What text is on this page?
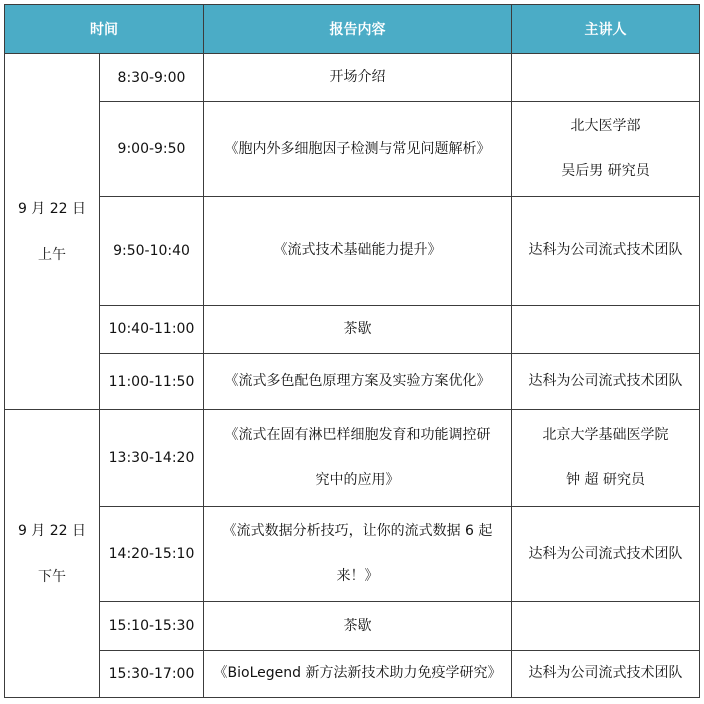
时间		报告内容	主讲人

9 月 22 日
上午	8:30-9:00	开场介绍	

	9:00-9:50	《胞内外多细胞因子检测与常见问题解析》	北大医学部
吴后男 研究员

	9:50-10:40	《流式技术基础能力提升》	达科为公司流式技术团队

	10:40-11:00	茶歇	

	11:00-11:50	《流式多色配色原理方案及实验方案优化》	达科为公司流式技术团队

9 月 22 日
下午	13:30-14:20	《流式在固有淋巴样细胞发育和功能调控研
究中的应用》	北京大学基础医学院
钟 超 研究员

	14:20-15:10	《流式数据分析技巧，让你的流式数据 6 起
来！》	达科为公司流式技术团队

	15:10-15:30	茶歇	

	15:30-17:00	《BioLegend 新方法新技术助力免疫学研究》	达科为公司流式技术团队
